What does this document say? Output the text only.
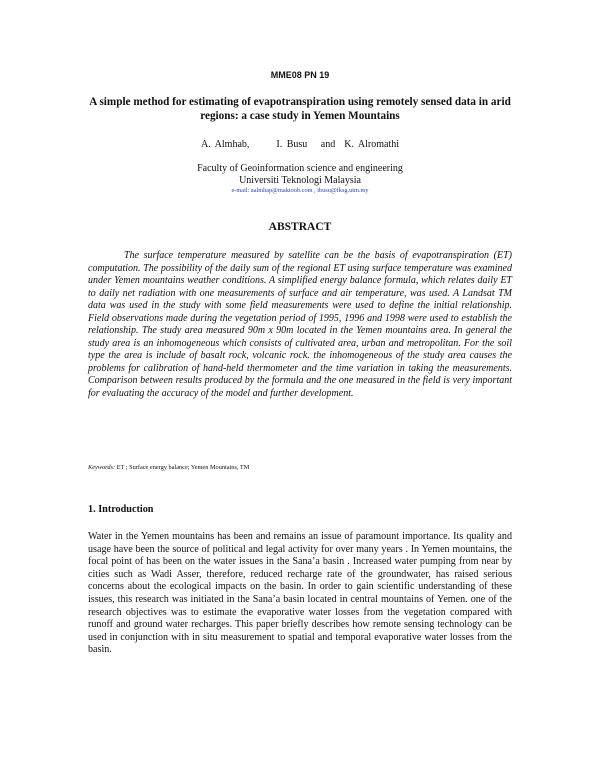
MME08 PN 19
A simple method for estimating of evapotranspiration using remotely sensed data in arid regions: a case study in Yemen Mountains
A. Almhab,      I. Busu   and  K. Alromathi
Faculty of Geoinformation science and engineering
Universiti Teknologi Malaysia
e-mail: aalmhap@maktoob.com , ibusu@fksg.utm.my
ABSTRACT

The surface temperature measured by satellite can be the basis of evapotranspiration (ET) computation. The possibility of the daily sum of the regional ET using surface temperature was examined under Yemen mountains weather conditions. A simplified energy balance formula, which relates daily ET to daily net radiation with one measurements of surface and air temperature, was used. A Landsat TM data was used in the study with some field measurements were used to define the initial relationship. Field observations made during the vegetation period of 1995, 1996 and 1998 were used to establish the relationship. The study area measured 90m x 90m located in the Yemen mountains area. In general the study area is an inhomogeneous which consists of cultivated area, urban and metropolitan. For the soil type the area is include of basalt rock, volcanic rock. the inhomogeneous of the study area causes the problems for calibration of hand-held thermometer and the time variation in taking the measurements. Comparison between results produced by the formula and the one measured in the field is very important for evaluating the accuracy of the model and further development.

Keywords: ET ; Surface energy balance; Yemen Mountains, TM
1. Introduction

Water in the Yemen mountains has been and remains an issue of paramount importance. Its quality and usage have been the source of political and legal activity for over many years . In Yemen mountains, the focal point of has been on the water issues in the Sana’a basin . Increased water pumping from near by cities such as Wadi Asser, therefore, reduced recharge rate of the groundwater, has raised serious concerns about the ecological impacts on the basin. In order to gain scientific understanding of these issues, this research was initiated in the Sana’a basin located in central mountains of Yemen. one of the research objectives was to estimate the evaporative water losses from the vegetation compared with runoff and ground water recharges. This paper briefly describes how remote sensing technology can be used in conjunction with in situ measurement to spatial and temporal evaporative water losses from the basin.
